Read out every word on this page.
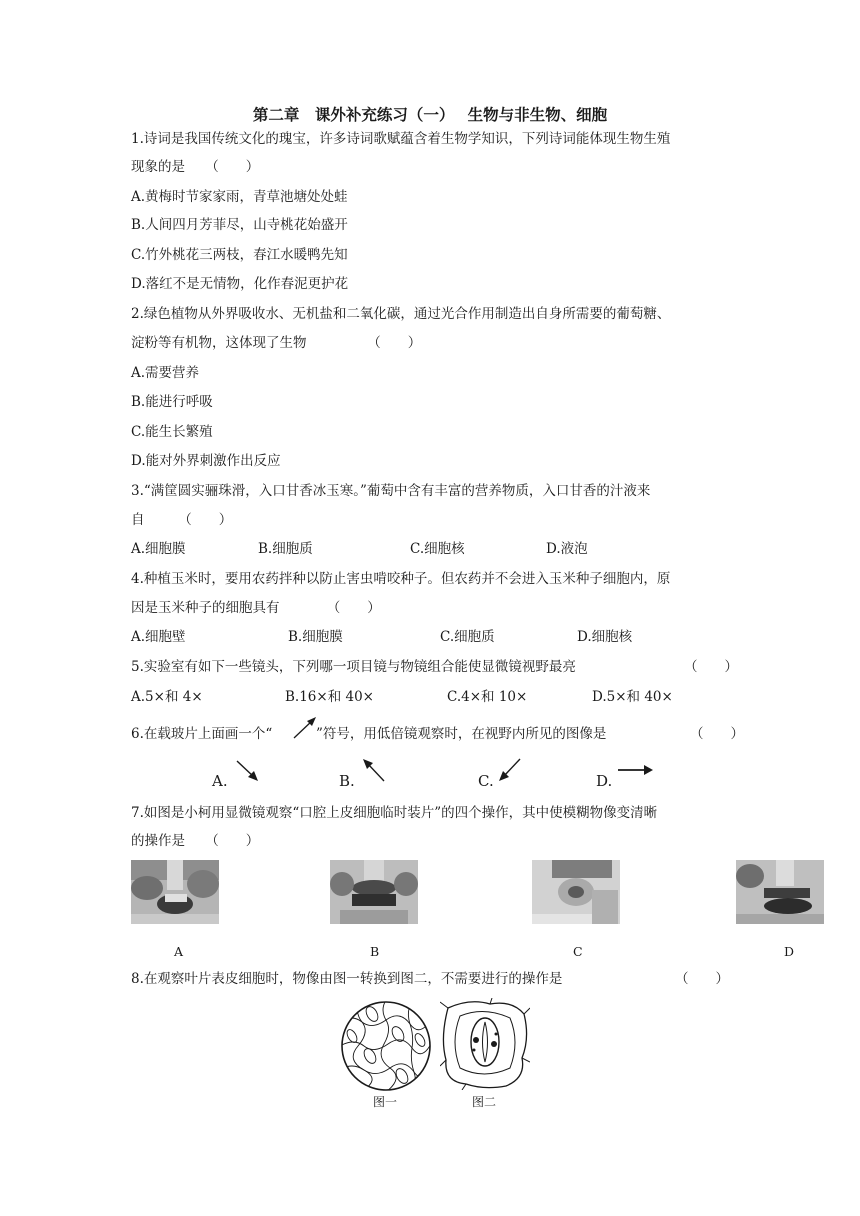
第二章　课外补充练习（一）　 生物与非生物、细胞
1.诗词是我国传统文化的瑰宝，许多诗词歌赋蕴含着生物学知识，下列诗词能体现生物生殖
现象的是　　（　　）
A.黄梅时节家家雨，青草池塘处处蛙
B.人间四月芳菲尽，山寺桃花始盛开
C.竹外桃花三两枝，春江水暖鸭先知
D.落红不是无情物，化作春泥更护花
2.绿色植物从外界吸收水、无机盐和二氧化碳，通过光合作用制造出自身所需要的葡萄糖、
淀粉等有机物，这体现了生物　　　　　（　　）
A.需要营养
B.能进行呼吸
C.能生长繁殖
D.能对外界刺激作出反应
3.“满筐圆实骊珠滑，入口甘香冰玉寒。”葡萄中含有丰富的营养物质，入口甘香的汁液来
自　　　（　　）
A.细胞膜	B.细胞质	C.细胞核	D.液泡
4.种植玉米时，要用农药拌种以防止害虫啃咬种子。但农药并不会进入玉米种子细胞内，原
因是玉米种子的细胞具有　　　　（　　）
A.细胞壁	B.细胞膜	C.细胞质	D.细胞核
5.实验室有如下一些镜头，下列哪一项目镜与物镜组合能使显微镜视野最亮	（　　）
A.5×和 4×	B.16×和 40×	C.4×和 10×	D.5×和 40×
6.在载玻片上面画一个“	”符号，用低倍镜观察时，在视野内所见的图像是	（　　）
A.	B.	C.	D.
7.如图是小柯用显微镜观察“口腔上皮细胞临时装片”的四个操作，其中使模糊物像变清晰
的操作是　　（　　）
A	B	C	D
8.在观察叶片表皮细胞时，物像由图一转换到图二，不需要进行的操作是	（　　）
图一	图二
